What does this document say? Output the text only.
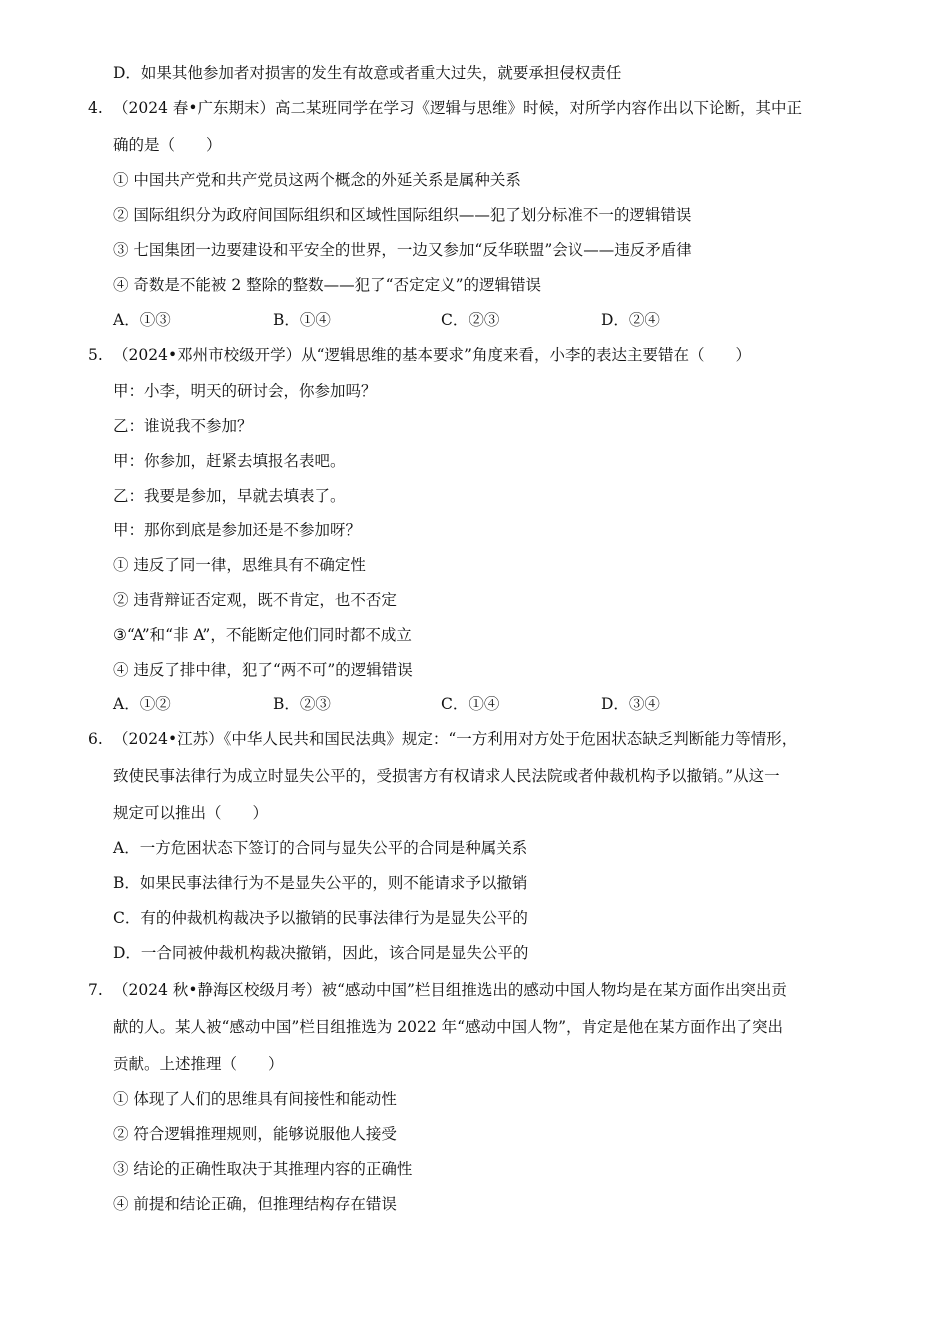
D．如果其他参加者对损害的发生有故意或者重大过失，就要承担侵权责任
4. （2024 春•广东期末）高二某班同学在学习《逻辑与思维》时候，对所学内容作出以下论断，其中正
确的是（　　）
① 中国共产党和共产党员这两个概念的外延关系是属种关系
② 国际组织分为政府间国际组织和区域性国际组织——犯了划分标准不一的逻辑错误
③ 七国集团一边要建设和平安全的世界，一边又参加“反华联盟”会议——违反矛盾律
④ 奇数是不能被 2 整除的整数——犯了“否定定义”的逻辑错误
A．①③	B．①④	C．②③	D．②④
5. （2024•邓州市校级开学）从“逻辑思维的基本要求”角度来看，小李的表达主要错在（　　）
甲：小李，明天的研讨会，你参加吗？
乙：谁说我不参加？
甲：你参加，赶紧去填报名表吧。
乙：我要是参加，早就去填表了。
甲：那你到底是参加还是不参加呀？
① 违反了同一律，思维具有不确定性
② 违背辩证否定观，既不肯定，也不否定
③“A”和“非 A”，不能断定他们同时都不成立
④ 违反了排中律，犯了“两不可”的逻辑错误
A．①②	B．②③	C．①④	D．③④
6. （2024•江苏）《中华人民共和国民法典》规定：“一方利用对方处于危困状态缺乏判断能力等情形，
致使民事法律行为成立时显失公平的，受损害方有权请求人民法院或者仲裁机构予以撤销。”从这一
规定可以推出（　　）
A．一方危困状态下签订的合同与显失公平的合同是种属关系
B．如果民事法律行为不是显失公平的，则不能请求予以撤销
C．有的仲裁机构裁决予以撤销的民事法律行为是显失公平的
D．一合同被仲裁机构裁决撤销，因此，该合同是显失公平的
7. （2024 秋•静海区校级月考）被“感动中国”栏目组推选出的感动中国人物均是在某方面作出突出贡
献的人。某人被“感动中国”栏目组推选为 2022 年“感动中国人物”，肯定是他在某方面作出了突出
贡献。上述推理（　　）
① 体现了人们的思维具有间接性和能动性
② 符合逻辑推理规则，能够说服他人接受
③ 结论的正确性取决于其推理内容的正确性
④ 前提和结论正确，但推理结构存在错误
